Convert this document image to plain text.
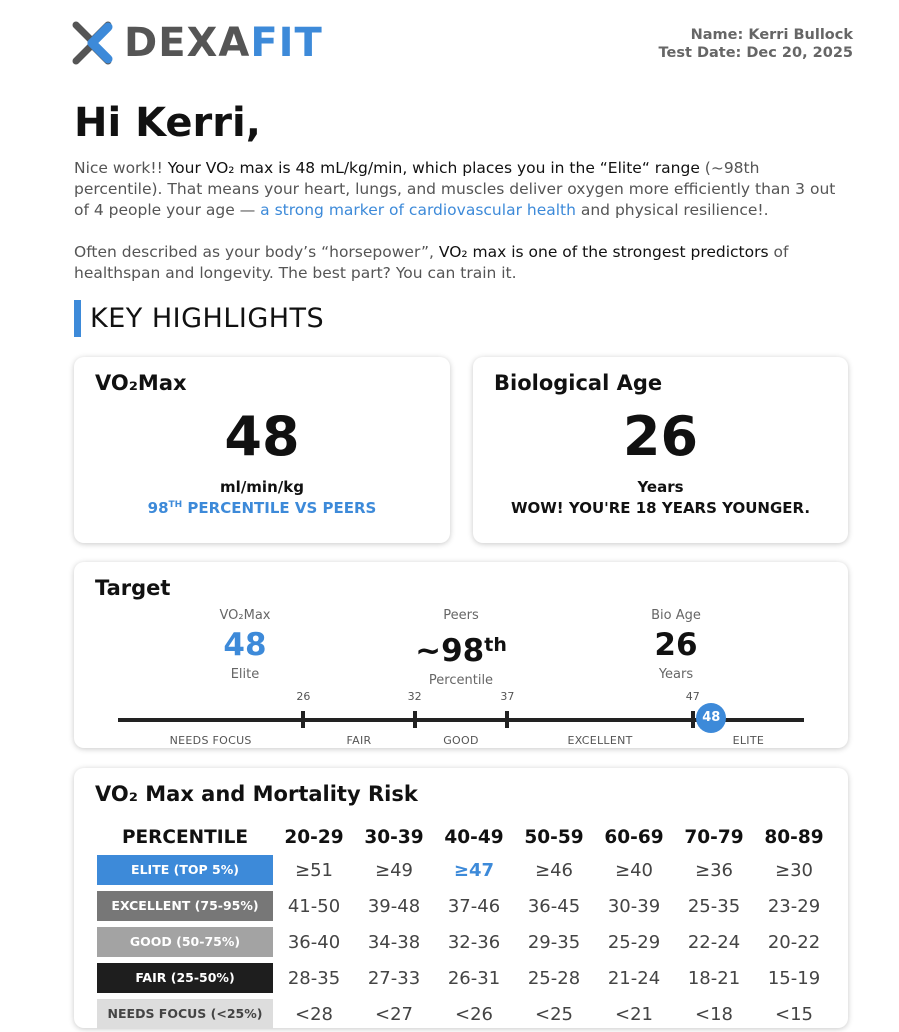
DEXAFIT	Name: Kerri Bullock
Test Date: Dec 20, 2025
Hi Kerri,

Nice work!! Your VO₂ max is 48 mL/kg/min, which places you in the “Elite“ range (~98th percentile). That means your heart, lungs, and muscles deliver oxygen more efficiently than 3 out of 4 people your age — a strong marker of cardiovascular health and physical resilience!.

Often described as your body’s “horsepower”, VO₂ max is one of the strongest predictors of healthspan and longevity. The best part? You can train it.

KEY HIGHLIGHTS
VO₂Max
48
ml/min/kg
98TH PERCENTILE VS PEERS
Biological Age
26
Years
WOW! YOU'RE 18 YEARS YOUNGER.
Target
VO₂Max
48
Elite
Peers
~98th
Percentile
Bio Age
26
Years
26	32	37	47
48
NEEDS FOCUS	FAIR	GOOD	EXCELLENT	ELITE
VO₂ Max and Mortality Risk
PERCENTILE	20-29	30-39	40-49	50-59	60-69	70-79	80-89

ELITE (TOP 5%)	≥51	≥49	≥47	≥46	≥40	≥36	≥30

EXCELLENT (75-95%)	41-50	39-48	37-46	36-45	30-39	25-35	23-29

GOOD (50-75%)	36-40	34-38	32-36	29-35	25-29	22-24	20-22

FAIR (25-50%)	28-35	27-33	26-31	25-28	21-24	18-21	15-19

NEEDS FOCUS (<25%)	<28	<27	<26	<25	<21	<18	<15
